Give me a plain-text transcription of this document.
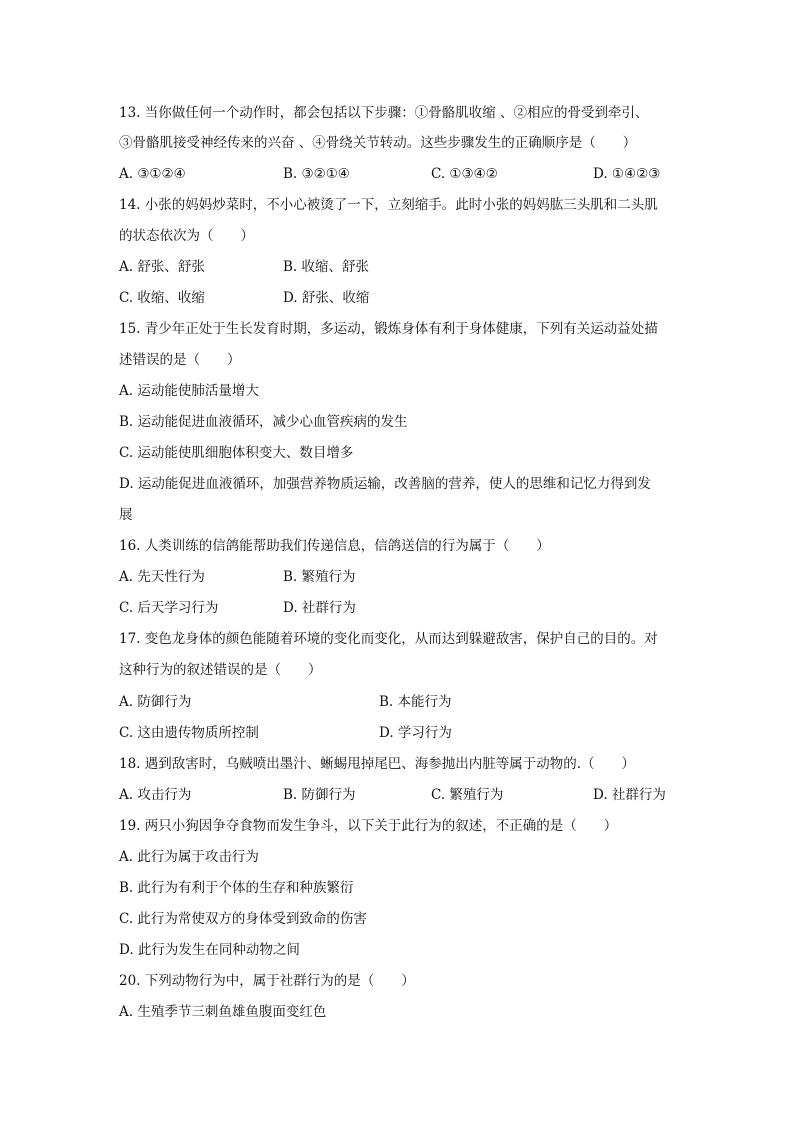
13. 当你做任何一个动作时，都会包括以下步骤：①骨骼肌收缩 、②相应的骨受到牵引、
③骨骼肌接受神经传来的兴奋 、④骨绕关节转动。这些步骤发生的正确顺序是（　　）
A. ③①②④	B. ③②①④	C. ①③④②	D. ①④②③
14. 小张的妈妈炒菜时，不小心被烫了一下，立刻缩手。此时小张的妈妈肱三头肌和二头肌
的状态依次为（　　）
A. 舒张、舒张	B. 收缩、舒张
C. 收缩、收缩	D. 舒张、收缩
15. 青少年正处于生长发育时期，多运动，锻炼身体有利于身体健康，下列有关运动益处描
述错误的是（　　）
A. 运动能使肺活量增大
B. 运动能促进血液循环，减少心血管疾病的发生
C. 运动能使肌细胞体积变大、数目增多
D. 运动能促进血液循环，加强营养物质运输，改善脑的营养，使人的思维和记忆力得到发
展
16. 人类训练的信鸽能帮助我们传递信息，信鸽送信的行为属于（　　）
A. 先天性行为	B. 繁殖行为
C. 后天学习行为	D. 社群行为
17. 变色龙身体的颜色能随着环境的变化而变化，从而达到躲避敌害，保护自己的目的。对
这种行为的叙述错误的是（　　）
A. 防御行为	B. 本能行为
C. 这由遗传物质所控制	D. 学习行为
18. 遇到敌害时，乌贼喷出墨汁、蜥蜴甩掉尾巴、海参抛出内脏等属于动物的.（　　）
A. 攻击行为	B. 防御行为	C. 繁殖行为	D. 社群行为
19. 两只小狗因争夺食物而发生争斗，以下关于此行为的叙述，不正确的是（　　）
A. 此行为属于攻击行为
B. 此行为有利于个体的生存和种族繁衍
C. 此行为常使双方的身体受到致命的伤害
D. 此行为发生在同种动物之间
20. 下列动物行为中，属于社群行为的是（　　）
A. 生殖季节三刺鱼雄鱼腹面变红色
